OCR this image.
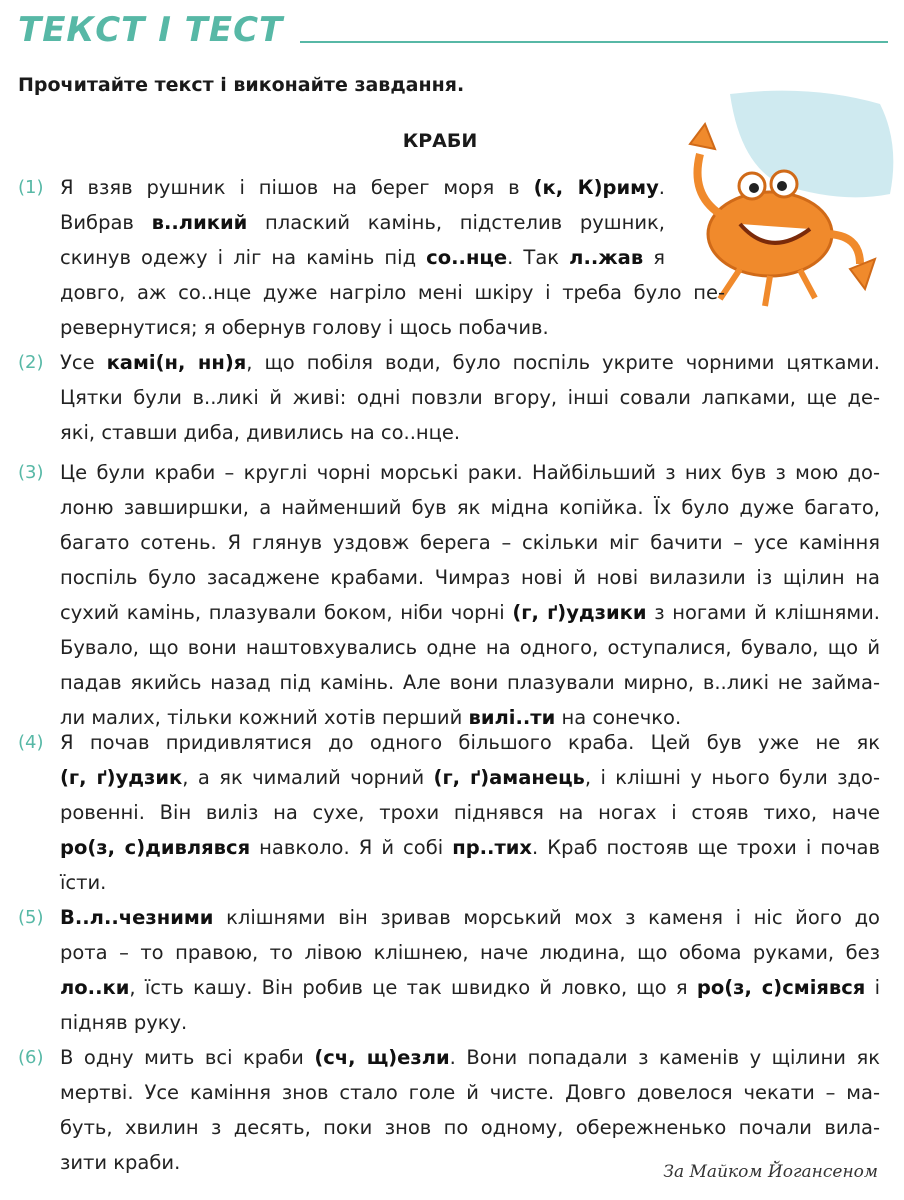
ТЕКСТ І ТЕСТ
Прочитайте текст і виконайте завдання.
КРАБИ
(1) Я взяв рушник і пішов на берег моря в (к, К)риму.
Вибрав в..ликий плаский камінь, підстелив рушник,
скинув одежу і ліг на камінь під со..нце. Так л..жав я
довго, аж со..нце дуже нагріло мені шкіру і треба було пе-
ревернутися; я обернув голову і щось побачив.
(2) Усе камі(н, нн)я, що побіля води, було поспіль укрите чорними цятками.
Цятки були в..ликі й живі: одні повзли вгору, інші совали лапками, ще де-
які, ставши диба, дивились на со..нце.
(3) Це були краби – круглі чорні морські раки. Найбільший з них був з мою до-
лоню завширшки, а найменший був як мідна копійка. Їх було дуже багато,
багато сотень. Я глянув уздовж берега – скільки міг бачити – усе каміння
поспіль було засаджене крабами. Чимраз нові й нові вилазили із щілин на
сухий камінь, плазували боком, ніби чорні (г, ґ)удзики з ногами й клішнями.
Бувало, що вони наштовхувались одне на одного, оступалися, бувало, що й
падав якийсь назад під камінь. Але вони плазували мирно, в..ликі не займа-
ли малих, тільки кожний хотів перший вилі..ти на сонечко.
(4) Я почав придивлятися до одного більшого краба. Цей був уже не як
(г, ґ)удзик, а як чималий чорний (г, ґ)аманець, і клішні у нього були здо-
ровенні. Він виліз на сухе, трохи піднявся на ногах і стояв тихо, наче
ро(з, с)дивлявся навколо. Я й собі пр..тих. Краб постояв ще трохи і почав
їсти.
(5) В..л..чезними клішнями він зривав морський мох з каменя і ніс його до
рота – то правою, то лівою клішнею, наче людина, що обома руками, без
ло..ки, їсть кашу. Він робив це так швидко й ловко, що я ро(з, с)сміявся і
підняв руку.
(6) В одну мить всі краби (сч, щ)езли. Вони попадали з каменів у щілини як
мертві. Усе каміння знов стало голе й чисте. Довго довелося чекати – ма-
буть, хвилин з десять, поки знов по одному, обережненько почали вила-
зити краби.	За Майком Йогансеном
